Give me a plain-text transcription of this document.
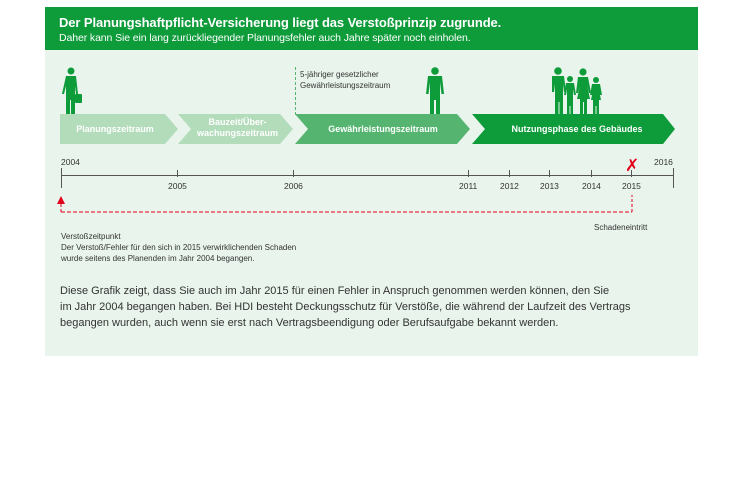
Der Planungshaftpflicht-Versicherung liegt das Verstoßprinzip zugrunde.
Daher kann Sie ein lang zurückliegender Planungsfehler auch Jahre später noch einholen.
5-jähriger gesetzlicher
Gewährleistungszeitraum
Planungszeitraum
Bauzeit/Über-
wachungszeitraum	Gewährleistungszeitraum	Nutzungsphase des Gebäudes
2004	2016
2005	2006	2011	2012 2013	2014 2015
✗
Schadeneintritt
Verstoßzeitpunkt
Der Verstoß/Fehler für den sich in 2015 verwirklichenden Schaden
wurde seitens des Planenden im Jahr 2004 begangen.
Diese Grafik zeigt, dass Sie auch im Jahr 2015 für einen Fehler in Anspruch genommen werden können, den Sie
im Jahr 2004 begangen haben. Bei HDI besteht Deckungsschutz für Verstöße, die während der Laufzeit des Vertrags
begangen wurden, auch wenn sie erst nach Vertragsbeendigung oder Berufsaufgabe bekannt werden.
